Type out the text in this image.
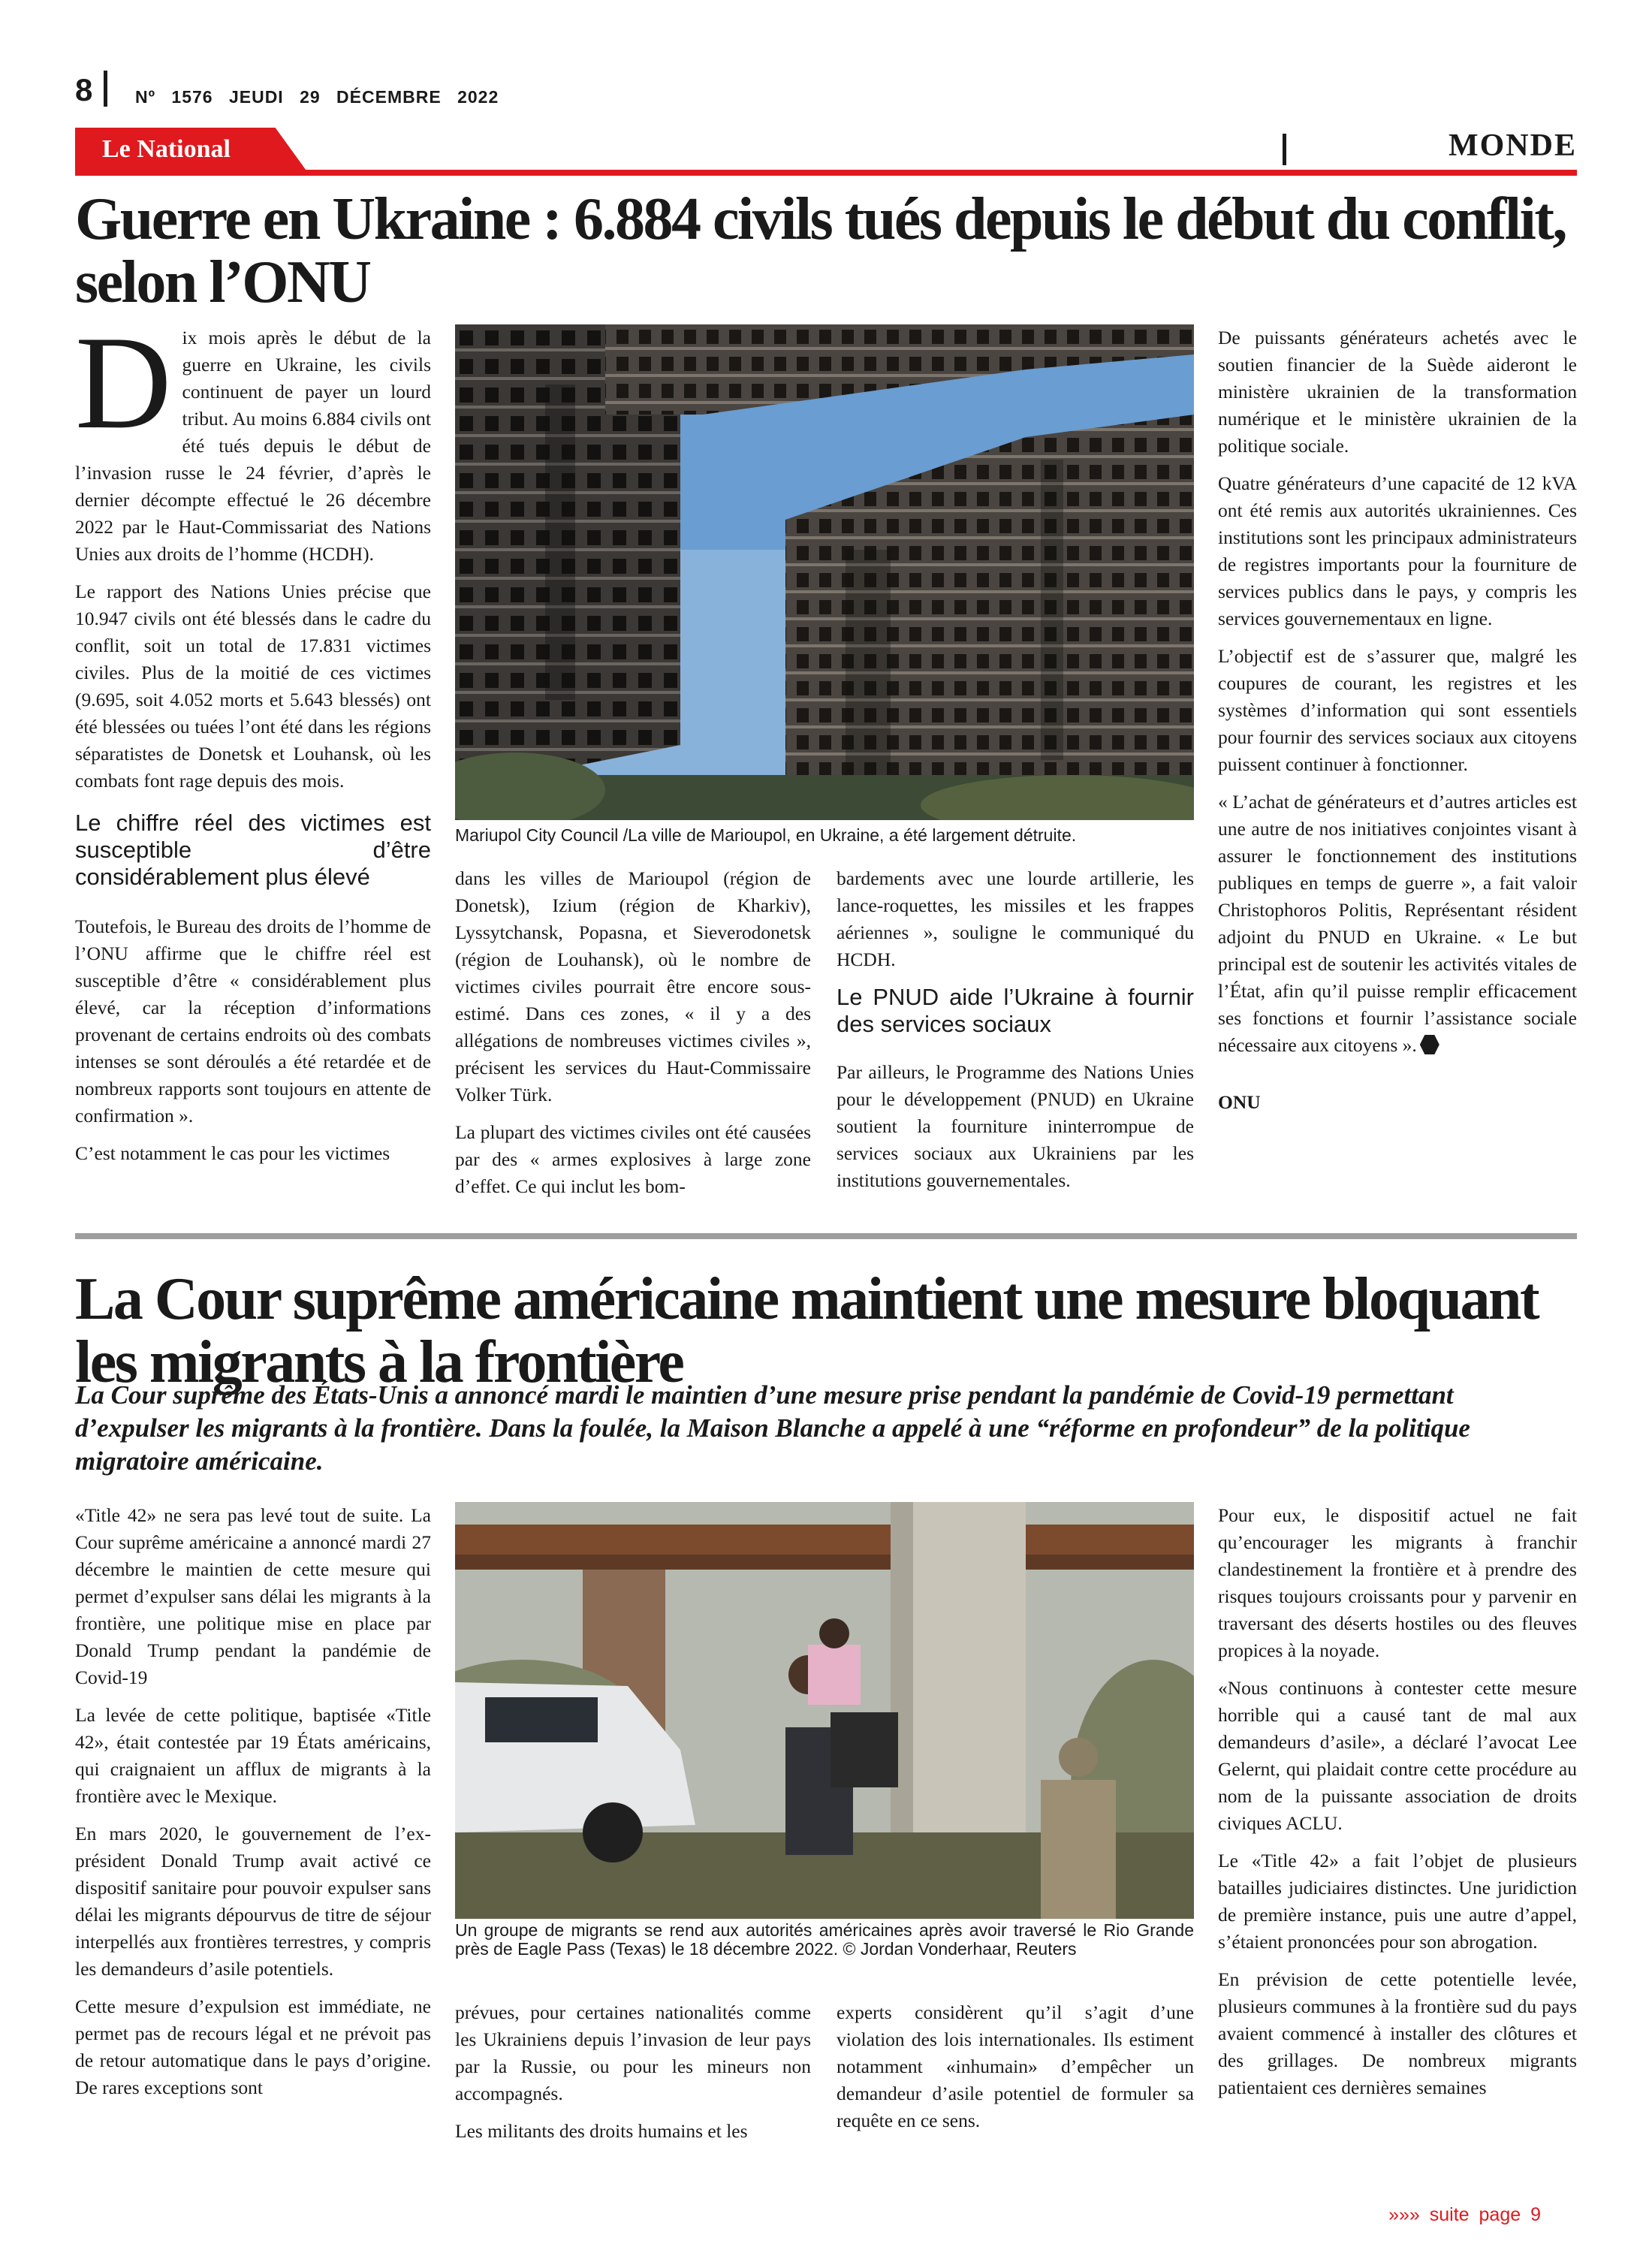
8 Nº 1576 JEUDI 29 DÉCEMBRE 2022
Le National	MONDE
Guerre en Ukraine : 6.884 civils tués depuis le début du conflit, selon l’ONU
D ix mois après le début de la guerre en Ukraine, les civils continuent de payer un lourd tribut. Au moins 6.884 civils ont été tués depuis le début de l’invasion russe le 24 février, d’après le dernier décompte effectué le 26 décembre 2022 par le Haut-Commissariat des Nations Unies aux droits de l’homme (HCDH).

Le rapport des Nations Unies précise que 10.947 civils ont été blessés dans le cadre du conflit, soit un total de 17.831 victimes civiles. Plus de la moitié de ces victimes (9.695, soit 4.052 morts et 5.643 blessés) ont été blessées ou tuées l’ont été dans les régions séparatistes de Donetsk et Louhansk, où les combats font rage depuis des mois.

Le chiffre réel des victimes est susceptible d’être considérablement plus élevé

Toutefois, le Bureau des droits de l’homme de l’ONU affirme que le chiffre réel est susceptible d’être « considérablement plus élevé, car la réception d’informations provenant de certains endroits où des combats intenses se sont déroulés a été retardée et de nombreux rapports sont toujours en attente de confirmation ».

C’est notamment le cas pour les victimes

Mariupol City Council /La ville de Marioupol, en Ukraine, a été largement détruite.

dans les villes de Marioupol (région de Donetsk), Izium (région de Kharkiv), Lyssytchansk, Popasna, et Sieverodonetsk (région de Louhansk), où le nombre de victimes civiles pourrait être encore sous-estimé. Dans ces zones, « il y a des allégations de nombreuses victimes civiles », précisent les services du Haut-Commissaire Volker Türk.

La plupart des victimes civiles ont été causées par des « armes explosives à large zone d’effet. Ce qui inclut les bom-

bardements avec une lourde artillerie, les lance-roquettes, les missiles et les frappes aériennes », souligne le communiqué du HCDH.

Le PNUD aide l’Ukraine à fournir des services sociaux

Par ailleurs, le Programme des Nations Unies pour le développement (PNUD) en Ukraine soutient la fourniture ininterrompue de services sociaux aux Ukrainiens par les institutions gouvernementales.

De puissants générateurs achetés avec le soutien financier de la Suède aideront le ministère ukrainien de la transformation numérique et le ministère ukrainien de la politique sociale.

Quatre générateurs d’une capacité de 12 kVA ont été remis aux autorités ukrainiennes. Ces institutions sont les principaux administrateurs de registres importants pour la fourniture de services publics dans le pays, y compris les services gouvernementaux en ligne.

L’objectif est de s’assurer que, malgré les coupures de courant, les registres et les systèmes d’information qui sont essentiels pour fournir des services sociaux aux citoyens puissent continuer à fonctionner.

« L’achat de générateurs et d’autres articles est une autre de nos initiatives conjointes visant à assurer le fonctionnement des institutions publiques en temps de guerre », a fait valoir Christophoros Politis, Représentant résident adjoint du PNUD en Ukraine. « Le but principal est de soutenir les activités vitales de l’État, afin qu’il puisse remplir efficacement ses fonctions et fournir l’assistance sociale nécessaire aux citoyens ».

ONU

La Cour suprême américaine maintient une mesure bloquant les migrants à la frontière
La Cour suprême des États-Unis a annoncé mardi le maintien d’une mesure prise pendant la pandémie de Covid-19 permettant d’expulser les migrants à la frontière. Dans la foulée, la Maison Blanche a appelé à une “réforme en profondeur” de la politique migratoire américaine.

«Title 42» ne sera pas levé tout de suite. La Cour suprême américaine a annoncé mardi 27 décembre le maintien de cette mesure qui permet d’expulser sans délai les migrants à la frontière, une politique mise en place par Donald Trump pendant la pandémie de Covid-19

La levée de cette politique, baptisée «Title 42», était contestée par 19 États américains, qui craignaient un afflux de migrants à la frontière avec le Mexique.

En mars 2020, le gouvernement de l’ex-président Donald Trump avait activé ce dispositif sanitaire pour pouvoir expulser sans délai les migrants dépourvus de titre de séjour interpellés aux frontières terrestres, y compris les demandeurs d’asile potentiels.

Cette mesure d’expulsion est immédiate, ne permet pas de recours légal et ne prévoit pas de retour automatique dans le pays d’origine. De rares exceptions sont

Un groupe de migrants se rend aux autorités américaines après avoir traversé le Rio Grande près de Eagle Pass (Texas) le 18 décembre 2022. © Jordan Vonderhaar, Reuters

prévues, pour certaines nationalités comme les Ukrainiens depuis l’invasion de leur pays par la Russie, ou pour les mineurs non accompagnés.

Les militants des droits humains et les

experts considèrent qu’il s’agit d’une violation des lois internationales. Ils estiment notamment «inhumain» d’empêcher un demandeur d’asile potentiel de formuler sa requête en ce sens.

Pour eux, le dispositif actuel ne fait qu’encourager les migrants à franchir clandestinement la frontière et à prendre des risques toujours croissants pour y parvenir en traversant des déserts hostiles ou des fleuves propices à la noyade.

«Nous continuons à contester cette mesure horrible qui a causé tant de mal aux demandeurs d’asile», a déclaré l’avocat Lee Gelernt, qui plaidait contre cette procédure au nom de la puissante association de droits civiques ACLU.

Le «Title 42» a fait l’objet de plusieurs batailles judiciaires distinctes. Une juridiction de première instance, puis une autre d’appel, s’étaient prononcées pour son abrogation.

En prévision de cette potentielle levée, plusieurs communes à la frontière sud du pays avaient commencé à installer des clôtures et des grillages. De nombreux migrants patientaient ces dernières semaines

»»» suite page 9
